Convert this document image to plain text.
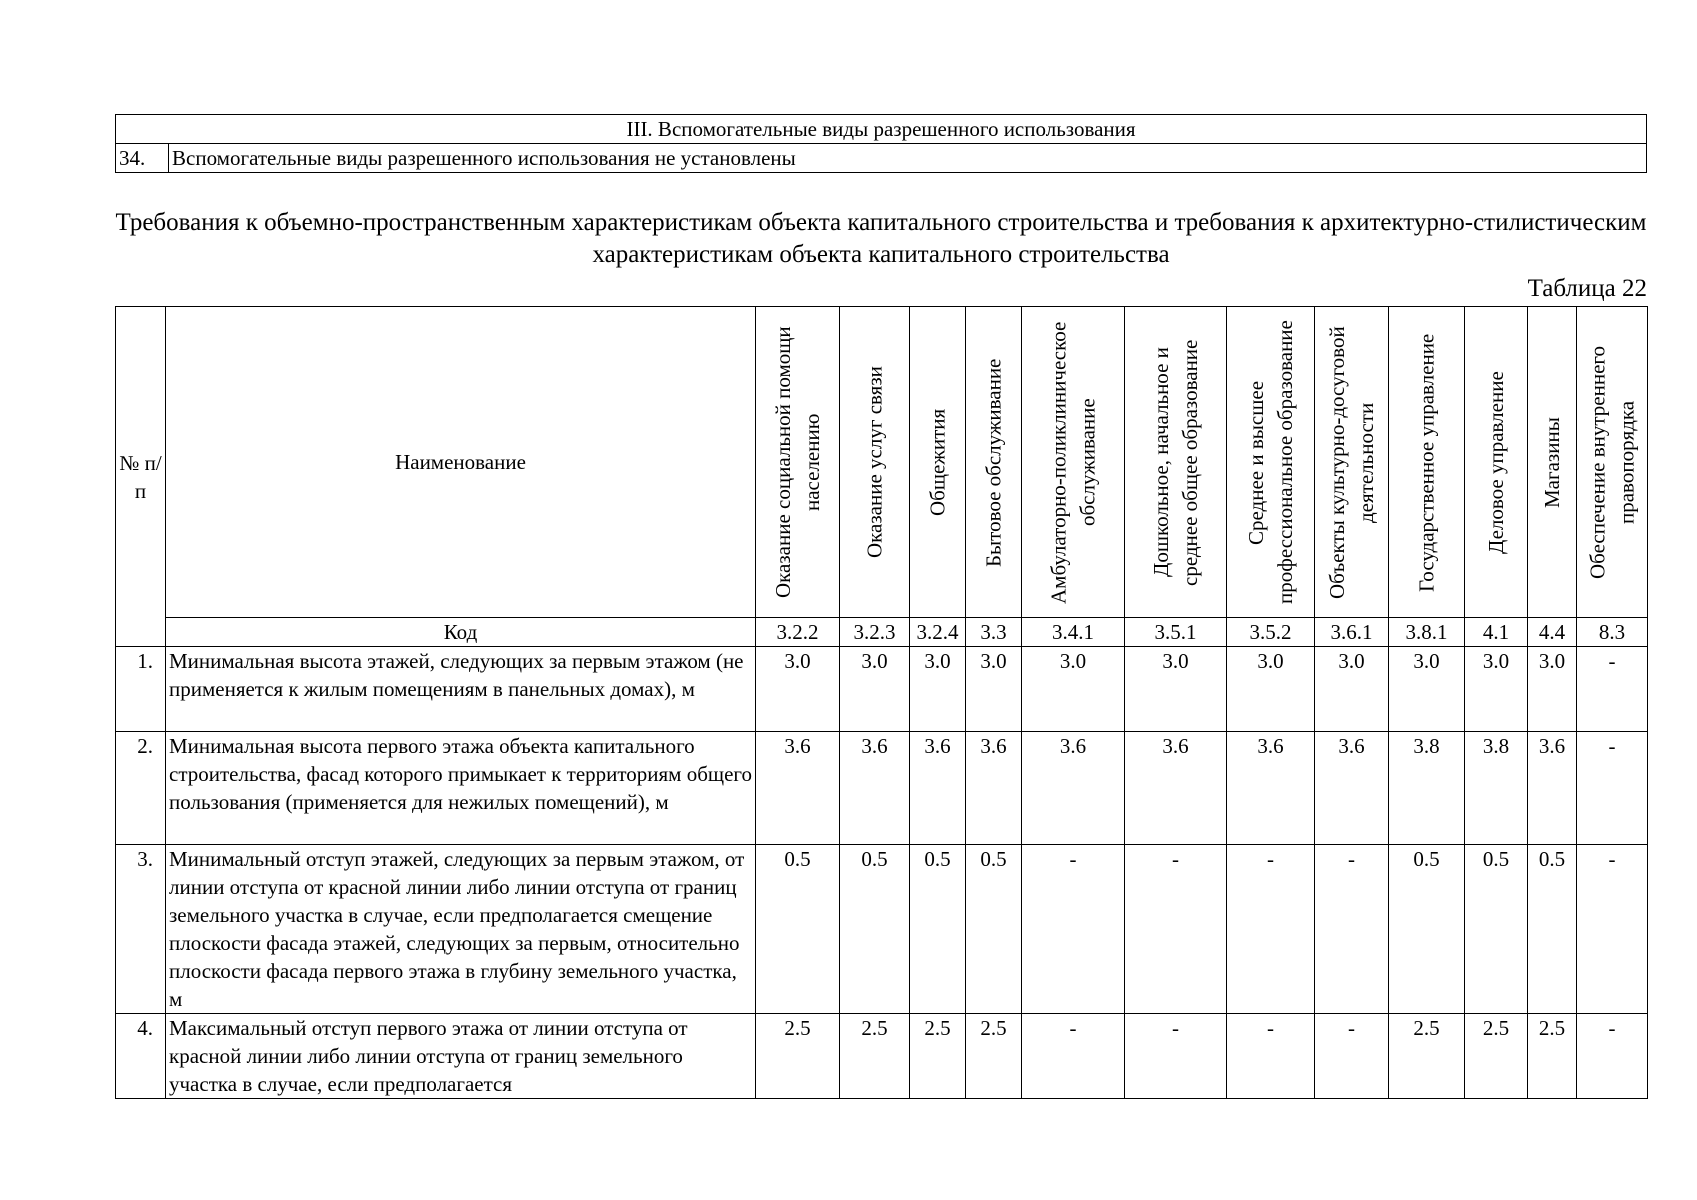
III. Вспомогательные виды разрешенного использования
34.	Вспомогательные виды разрешенного использования не установлены
Требования к объемно-пространственным характеристикам объекта капитального строительства и требования к архитектурно-стилистическим характеристикам объекта капитального строительства
Таблица 22
№ п/п	Наименование	Оказание социальной помощи населению	Оказание услуг связи	Общежития	Бытовое обслуживание	Амбулаторно-поликлиническое обслуживание	Дошкольное, начальное и среднее общее образование	Среднее и высшее профессиональное образование	Объекты культурно-досуговой деятельности	Государственное управление	Деловое управление	Магазины	Обеспечение внутреннего правопорядка
	Код	3.2.2	3.2.3	3.2.4	3.3	3.4.1	3.5.1	3.5.2	3.6.1	3.8.1	4.1	4.4	8.3
1.	Минимальная высота этажей, следующих за первым этажом (не применяется к жилым помещениям в панельных домах), м	3.0	3.0	3.0	3.0	3.0	3.0	3.0	3.0	3.0	3.0	3.0	-
2.	Минимальная высота первого этажа объекта капитального строительства, фасад которого примыкает к территориям общего пользования (применяется для нежилых помещений), м	3.6	3.6	3.6	3.6	3.6	3.6	3.6	3.6	3.8	3.8	3.6	-
3.	Минимальный отступ этажей, следующих за первым этажом, от линии отступа от красной линии либо линии отступа от границ земельного участка в случае, если предполагается смещение плоскости фасада этажей, следующих за первым, относительно плоскости фасада первого этажа в глубину земельного участка, м	0.5	0.5	0.5	0.5	-	-	-	-	0.5	0.5	0.5	-
4.	Максимальный отступ первого этажа от линии отступа от красной линии либо линии отступа от границ земельного участка в случае, если предполагается	2.5	2.5	2.5	2.5	-	-	-	-	2.5	2.5	2.5	-
